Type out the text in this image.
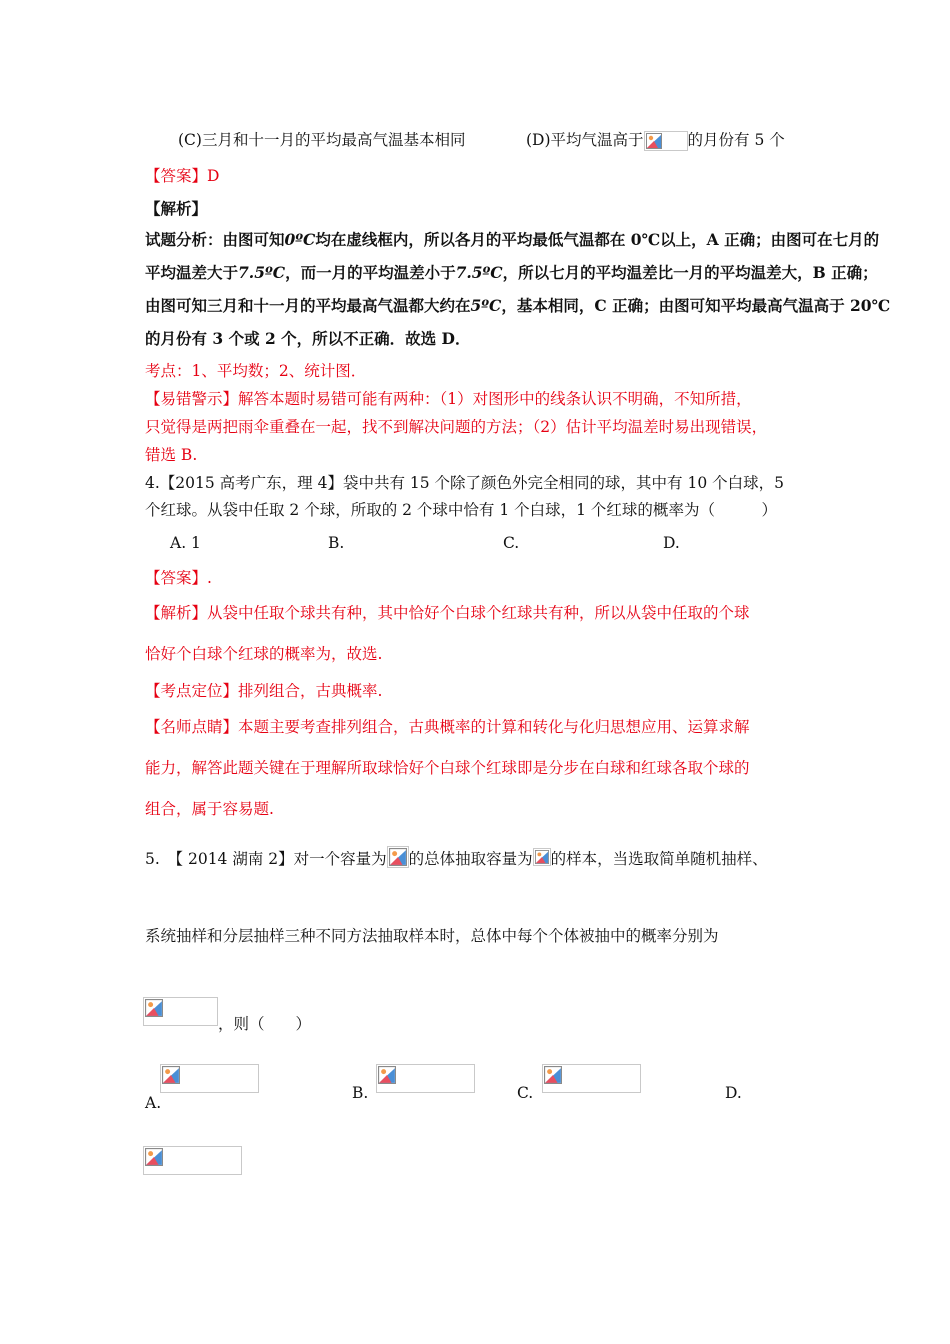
(C)三月和十一月的平均最高气温基本相同	(D)平均气温高于	的月份有 5 个
【答案】D
【解析】
试题分析：由图可知0ºC均在虚线框内，所以各月的平均最低气温都在 0℃以上，A 正确；由图可在七月的
平均温差大于7.5ºC，而一月的平均温差小于7.5ºC，所以七月的平均温差比一月的平均温差大，B 正确；
由图可知三月和十一月的平均最高气温都大约在5ºC，基本相同，C 正确；由图可知平均最高气温高于 20℃
的月份有 3 个或 2 个，所以不正确．故选 D．
考点：1、平均数；2、统计图．
【易错警示】解答本题时易错可能有两种：（1）对图形中的线条认识不明确，不知所措，
只觉得是两把雨伞重叠在一起，找不到解决问题的方法；（2）估计平均温差时易出现错误，
错选 B.
4.【2015 高考广东，理 4】袋中共有 15 个除了颜色外完全相同的球，其中有 10 个白球，5
个红球。从袋中任取 2 个球，所取的 2 个球中恰有 1 个白球，1 个红球的概率为（　　　）
A. 1	B.	C.	D.
【答案】.
【解析】从袋中任取个球共有种，其中恰好个白球个红球共有种，所以从袋中任取的个球
恰好个白球个红球的概率为，故选.
【考点定位】排列组合，古典概率.
【名师点睛】本题主要考查排列组合，古典概率的计算和转化与化归思想应用、运算求解
能力，解答此题关键在于理解所取球恰好个白球个红球即是分步在白球和红球各取个球的
组合，属于容易题.
5.　【 2014 湖南 2】对一个容量为 的总体抽取容量为 的样本，当选取简单随机抽样、
系统抽样和分层抽样三种不同方法抽取样本时，总体中每个个体被抽中的概率分别为
，则（　　）
A.
B.	C.	D.
